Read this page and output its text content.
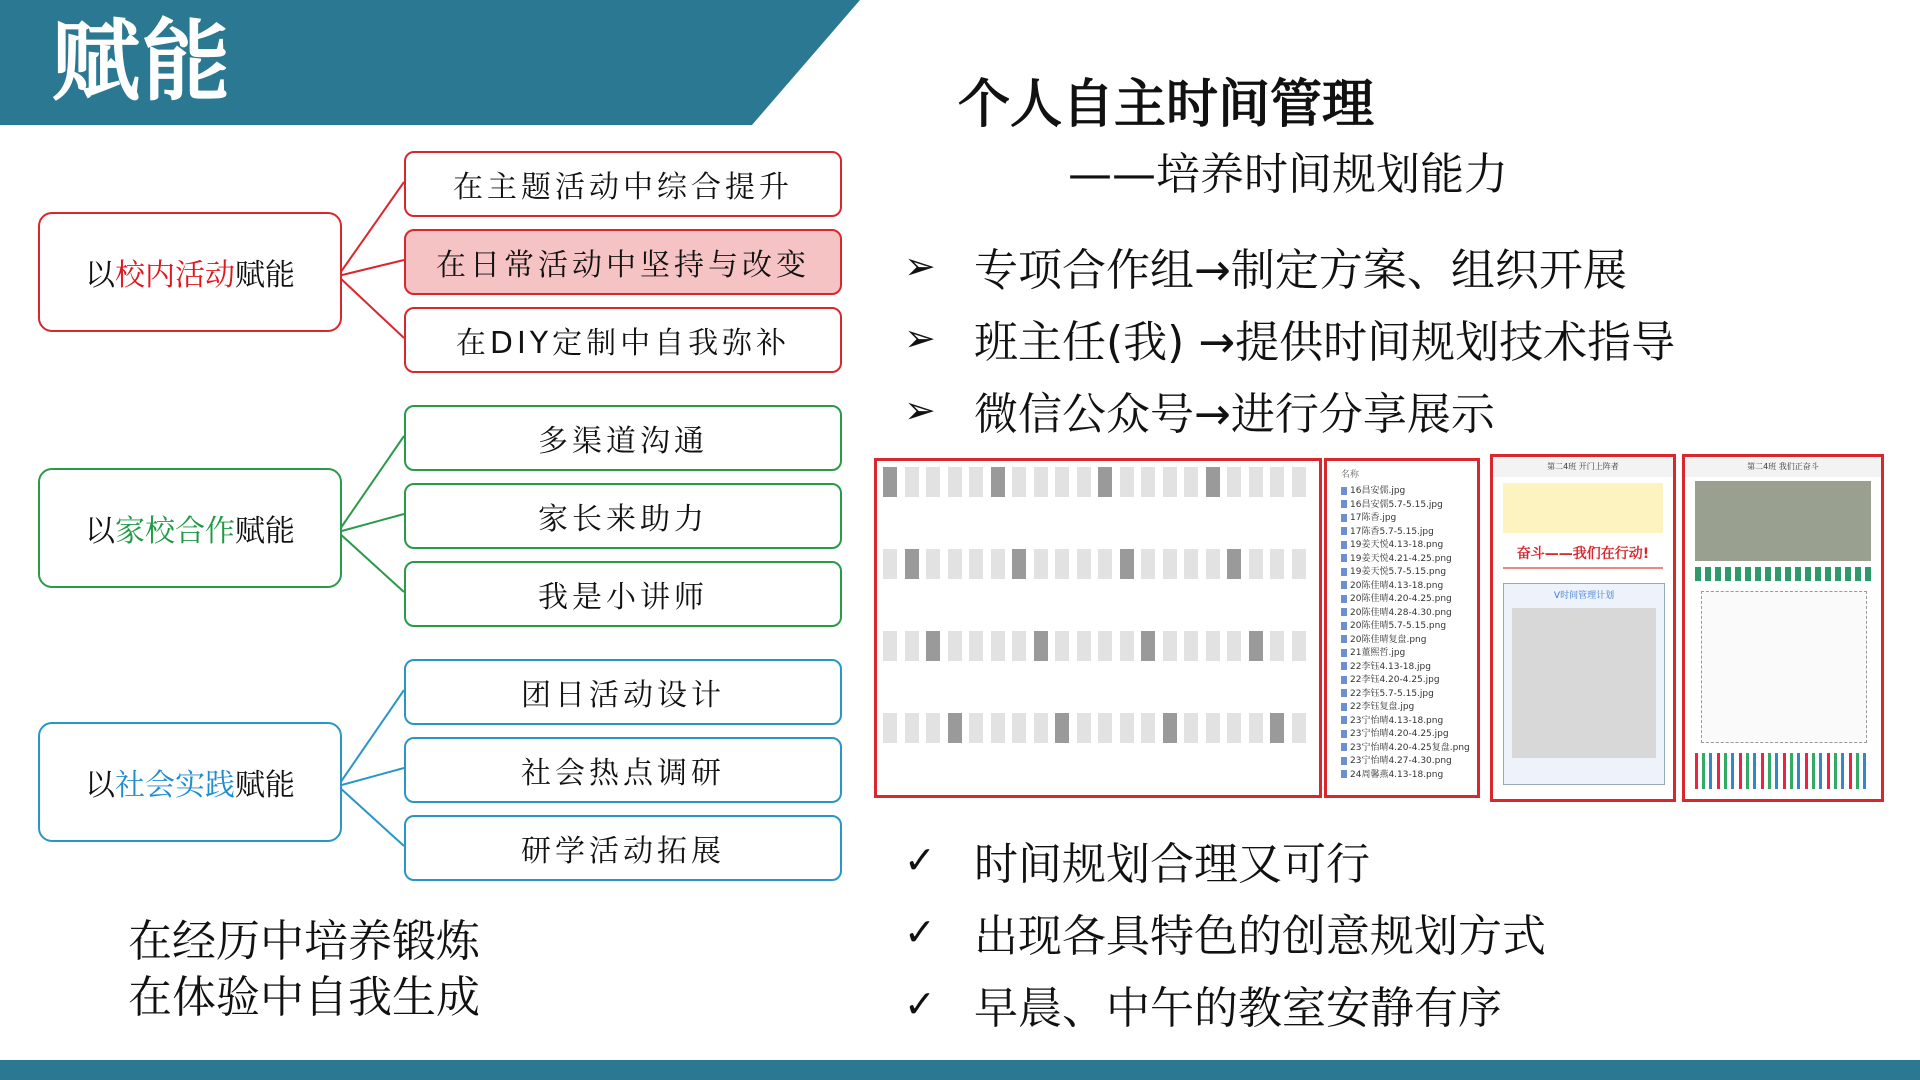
赋能
以 校内活动 赋能
在主题活动中综合提升
在日常活动中坚持与改变
在DIY定制中自我弥补
以 家校合作 赋能
多渠道沟通
家长来助力
我是小讲师
以 社会实践 赋能
团日活动设计
社会热点调研
研学活动拓展
在经历中培养锻炼
在体验中自我生成
个人自主时间管理
——培养时间规划能力
➢ 专项合作组→制定方案、组织开展
➢ 班主任(我) →提供时间规划技术指导
➢ 微信公众号→进行分享展示
名称
16昌安儒.jpg
16昌安儒5.7-5.15.jpg
17陈香.jpg
17陈香5.7-5.15.jpg
19姜天悦4.13-18.png
19姜天悦4.21-4.25.png
19姜天悦5.7-5.15.png
20陈佳晴4.13-18.png
20陈佳晴4.20-4.25.png
20陈佳晴4.28-4.30.png
20陈佳晴5.7-5.15.png
20陈佳晴复盘.png
21董熙哲.jpg
22李钰4.13-18.jpg
22李钰4.20-4.25.jpg
22李钰5.7-5.15.jpg
22李钰复盘.jpg
23宁怡晴4.13-18.png
23宁怡晴4.20-4.25.jpg
23宁怡晴4.20-4.25复盘.png
23宁怡晴4.27-4.30.png
24周馨燕4.13-18.png
第二4班 开门上阵者
奋斗——我们在行动!
V时间管理计划
第二4班 我们正奋斗
✓ 时间规划合理又可行
✓ 出现各具特色的创意规划方式
✓ 早晨、中午的教室安静有序
